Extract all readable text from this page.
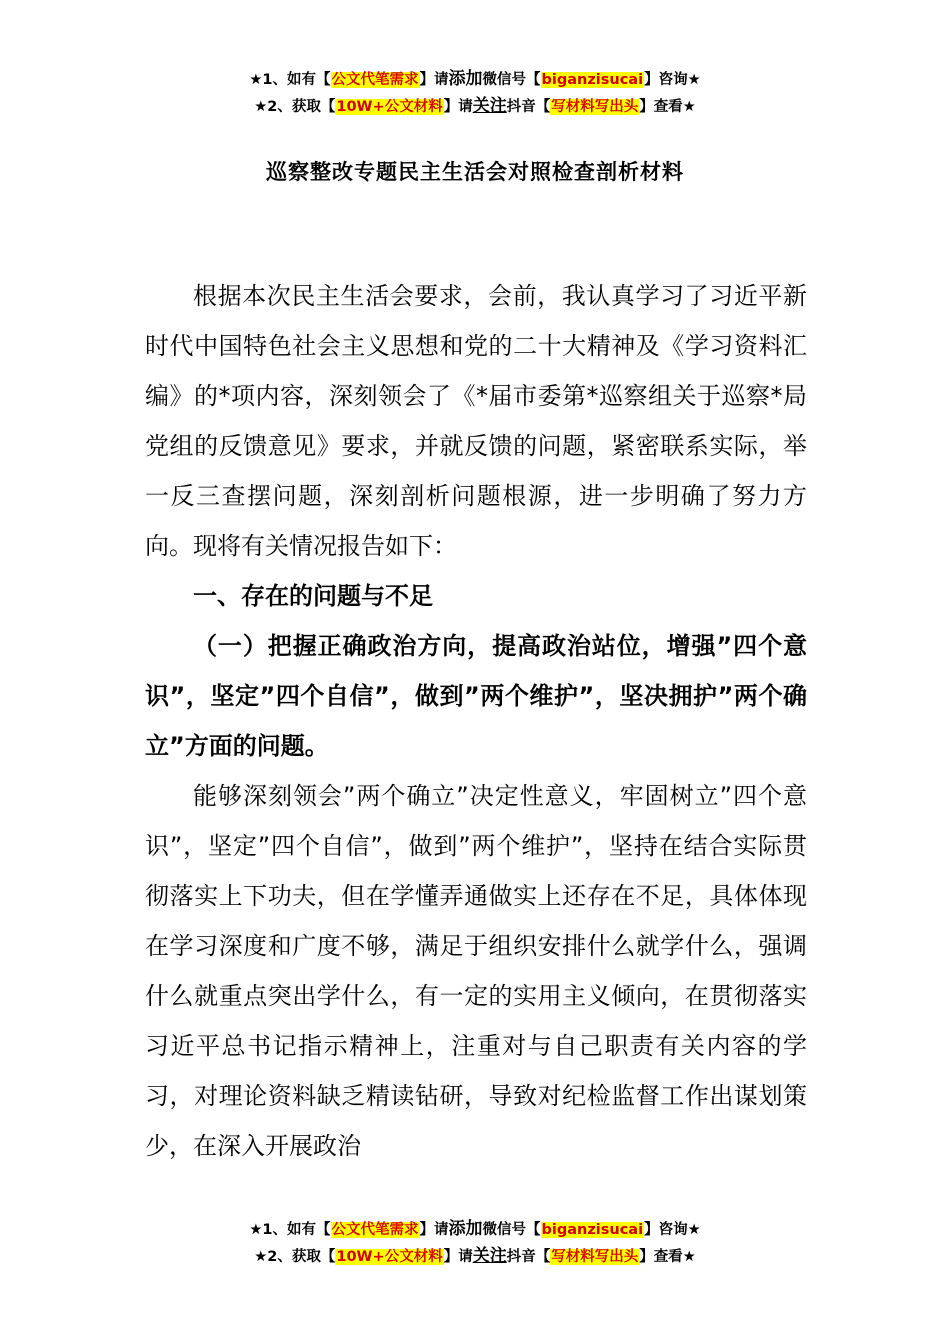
★1、如有【公文代笔需求】请添加微信号【biganzisucai】咨询★
★2、获取【10W+公文材料】请关注抖音【写材料写出头】查看★
巡察整改专题民主生活会对照检查剖析材料

根据本次民主生活会要求，会前，我认真学习了习近平新时代中国特色社会主义思想和党的二十大精神及《学习资料汇编》的*项内容，深刻领会了《*届市委第*巡察组关于巡察*局党组的反馈意见》要求，并就反馈的问题，紧密联系实际，举一反三查摆问题，深刻剖析问题根源，进一步明确了努力方向。现将有关情况报告如下：

一、存在的问题与不足

（一）把握正确政治方向，提高政治站位，增强”四个意识”，坚定”四个自信”，做到”两个维护”，坚决拥护”两个确立”方面的问题。

能够深刻领会”两个确立”决定性意义，牢固树立”四个意识”，坚定”四个自信”，做到”两个维护”，坚持在结合实际贯彻落实上下功夫，但在学懂弄通做实上还存在不足，具体体现在学习深度和广度不够，满足于组织安排什么就学什么，强调什么就重点突出学什么，有一定的实用主义倾向，在贯彻落实习近平总书记指示精神上，注重对与自己职责有关内容的学习，对理论资料缺乏精读钻研，导致对纪检监督工作出谋划策少，在深入开展政治

★1、如有【公文代笔需求】请添加微信号【biganzisucai】咨询★
★2、获取【10W+公文材料】请关注抖音【写材料写出头】查看★
